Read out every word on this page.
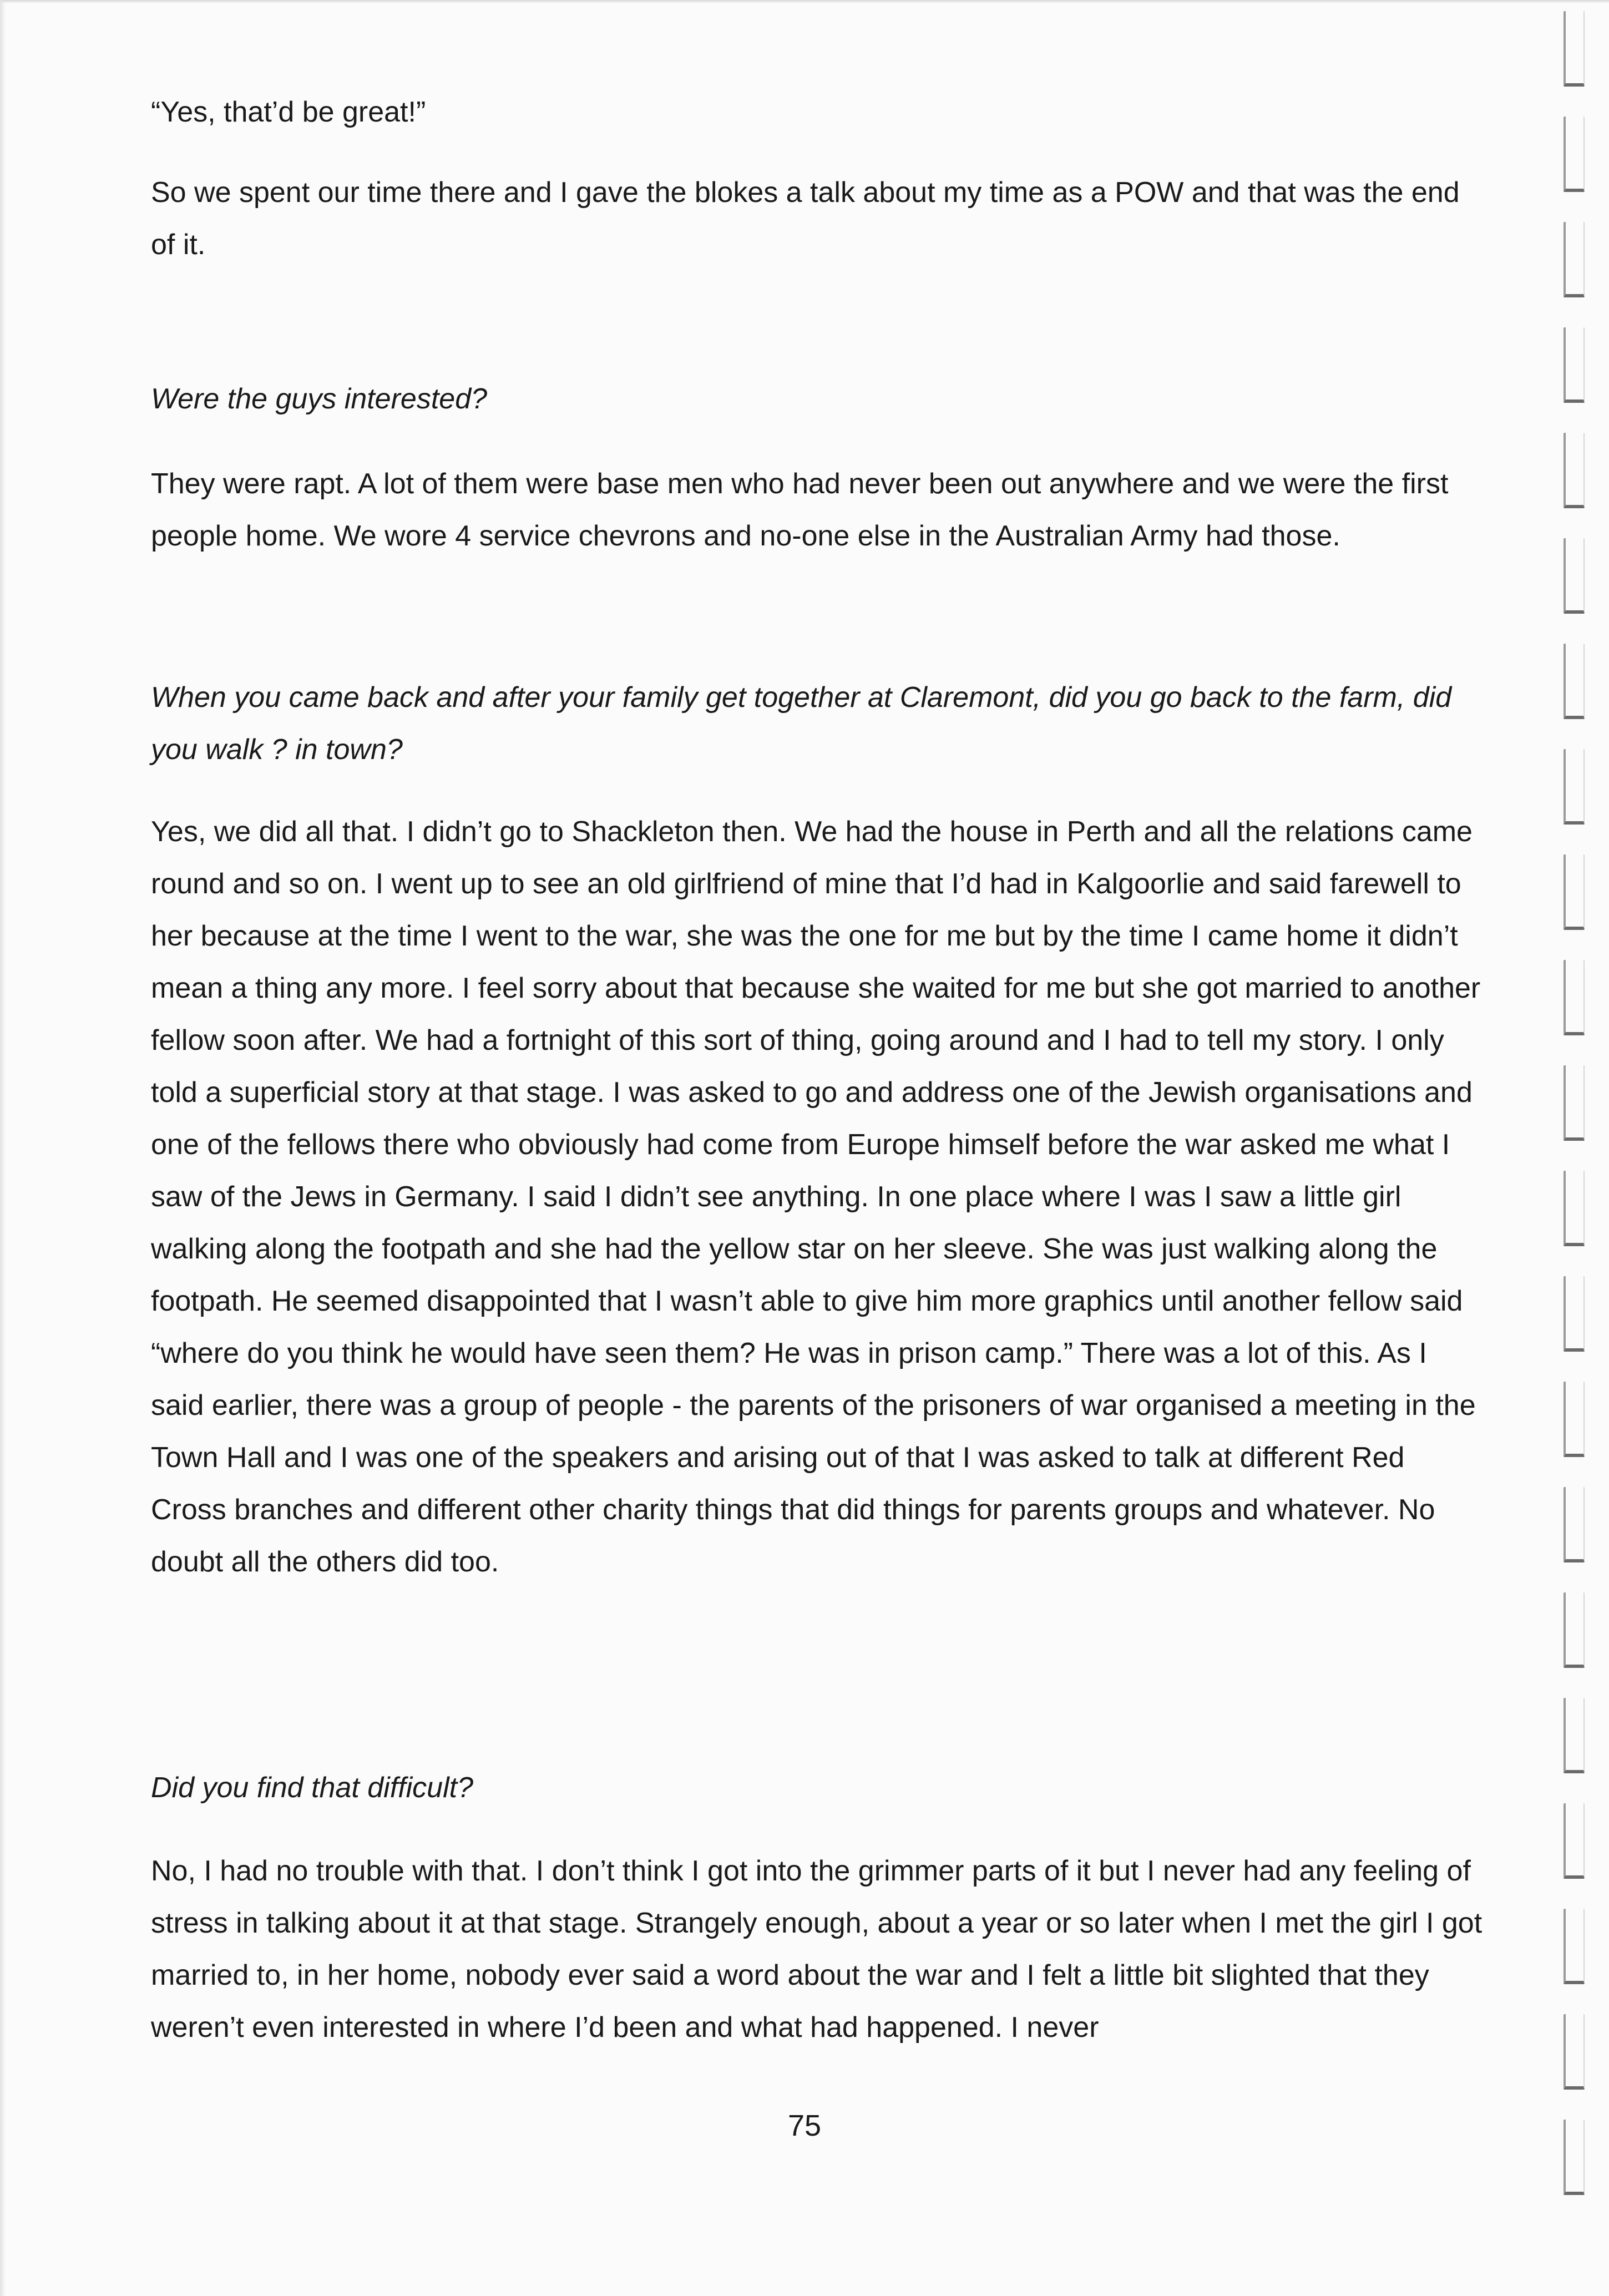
“Yes, that’d be great!”

So we spent our time there and I gave the blokes a talk about my time as a POW and that was the end of it.

Were the guys interested?

They were rapt. A lot of them were base men who had never been out anywhere and we were the first people home. We wore 4 service chevrons and no-one else in the Australian Army had those.

When you came back and after your family get together at Claremont, did you go back to the farm, did you walk ? in town?

Yes, we did all that. I didn’t go to Shackleton then. We had the house in Perth and all the relations came round and so on. I went up to see an old girlfriend of mine that I’d had in Kalgoorlie and said farewell to her because at the time I went to the war, she was the one for me but by the time I came home it didn’t mean a thing any more. I feel sorry about that because she waited for me but she got married to another fellow soon after. We had a fortnight of this sort of thing, going around and I had to tell my story. I only told a superficial story at that stage. I was asked to go and address one of the Jewish organisations and one of the fellows there who obviously had come from Europe himself before the war asked me what I saw of the Jews in Germany. I said I didn’t see anything. In one place where I was I saw a little girl walking along the footpath and she had the yellow star on her sleeve. She was just walking along the footpath. He seemed disappointed that I wasn’t able to give him more graphics until another fellow said “where do you think he would have seen them? He was in prison camp.” There was a lot of this. As I said earlier, there was a group of people - the parents of the prisoners of war organised a meeting in the Town Hall and I was one of the speakers and arising out of that I was asked to talk at different Red Cross branches and different other charity things that did things for parents groups and whatever. No doubt all the others did too.

Did you find that difficult?

No, I had no trouble with that. I don’t think I got into the grimmer parts of it but I never had any feeling of stress in talking about it at that stage. Strangely enough, about a year or so later when I met the girl I got married to, in her home, nobody ever said a word about the war and I felt a little bit slighted that they weren’t even interested in where I’d been and what had happened. I never

75
